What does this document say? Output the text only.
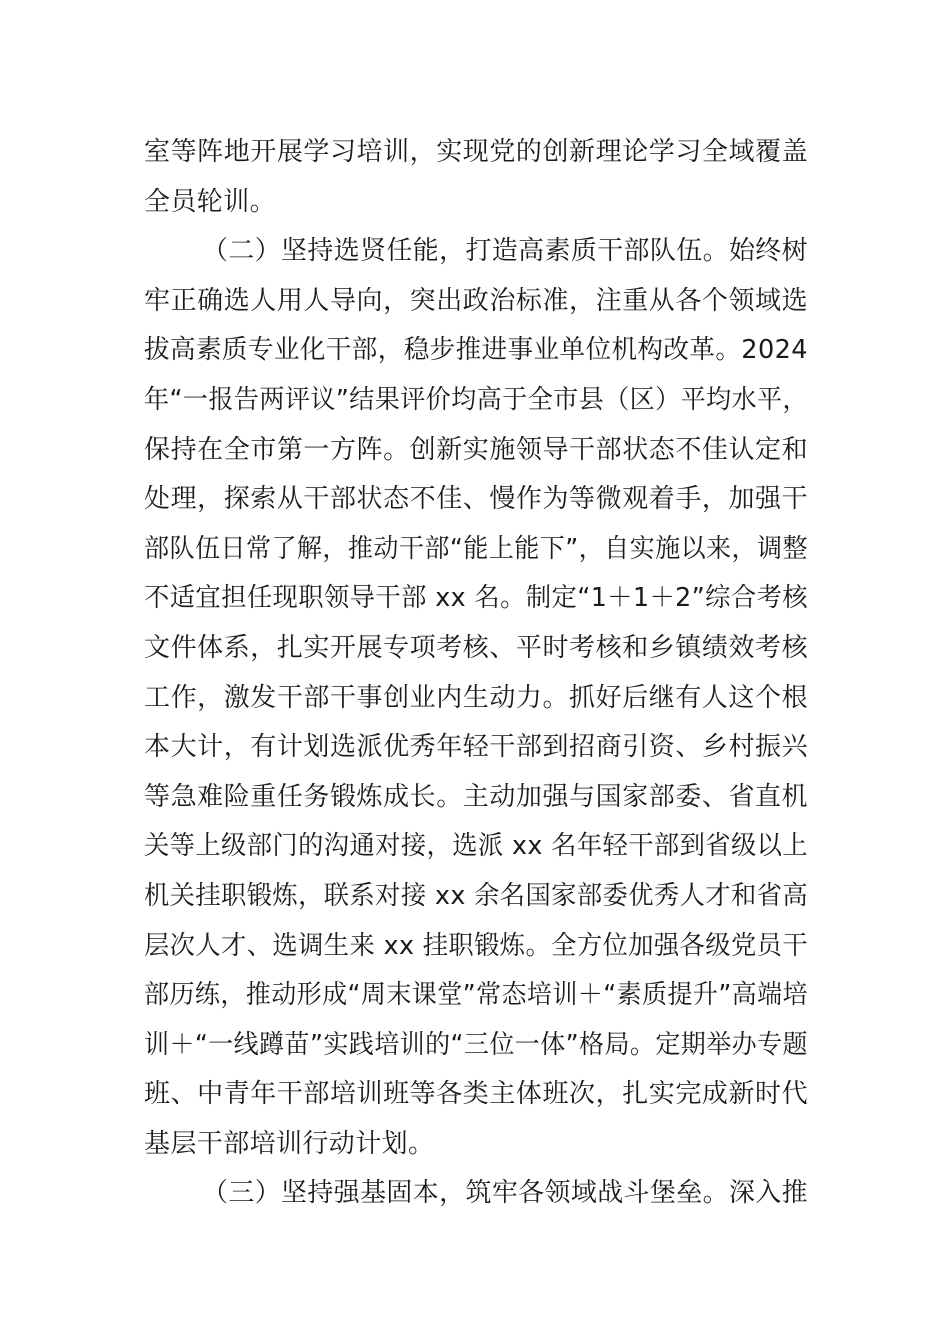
室等阵地开展学习培训，实现党的创新理论学习全域覆盖
全员轮训。
（二）坚持选贤任能，打造高素质干部队伍。始终树
牢正确选人用人导向，突出政治标准，注重从各个领域选
拔高素质专业化干部，稳步推进事业单位机构改革。2024
年“一报告两评议”结果评价均高于全市县（区）平均水平，
保持在全市第一方阵。创新实施领导干部状态不佳认定和
处理，探索从干部状态不佳、慢作为等微观着手，加强干
部队伍日常了解，推动干部“能上能下”，自实施以来，调整
不适宜担任现职领导干部 xx 名。制定“1＋1＋2”综合考核
文件体系，扎实开展专项考核、平时考核和乡镇绩效考核
工作，激发干部干事创业内生动力。抓好后继有人这个根
本大计，有计划选派优秀年轻干部到招商引资、乡村振兴
等急难险重任务锻炼成长。主动加强与国家部委、省直机
关等上级部门的沟通对接，选派 xx 名年轻干部到省级以上
机关挂职锻炼，联系对接 xx 余名国家部委优秀人才和省高
层次人才、选调生来 xx 挂职锻炼。全方位加强各级党员干
部历练，推动形成“周末课堂”常态培训＋“素质提升”高端培
训＋“一线蹲苗”实践培训的“三位一体”格局。定期举办专题
班、中青年干部培训班等各类主体班次，扎实完成新时代
基层干部培训行动计划。
（三）坚持强基固本，筑牢各领域战斗堡垒。深入推
